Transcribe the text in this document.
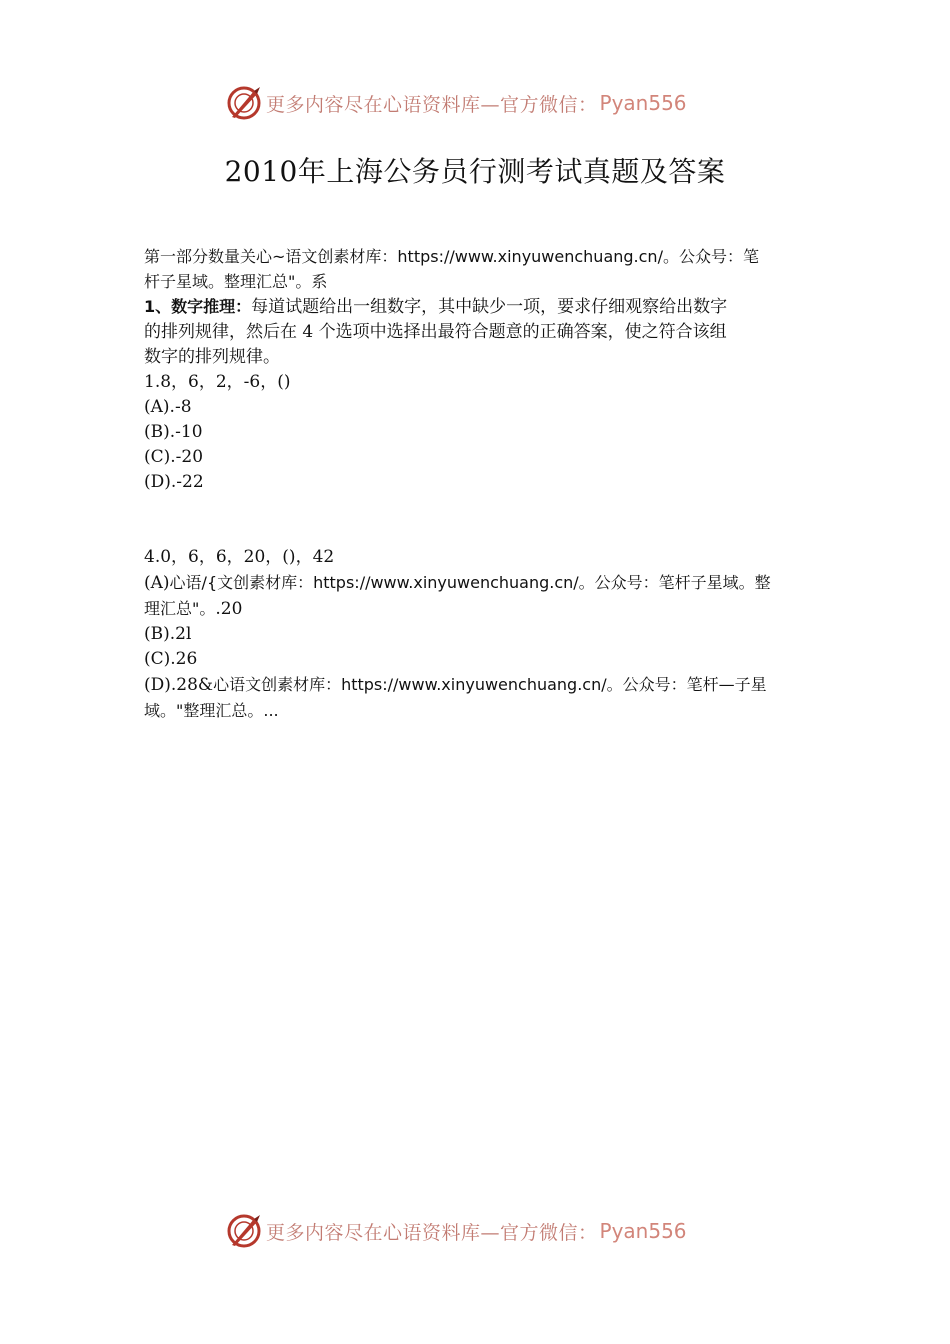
更多内容尽在心语资料库—官方微信： Pyan556
2010年上海公务员行测考试真题及答案

第一部分数量关心~语文创素材库：https://www.xinyuwenchuang.cn/。公众号：笔

杆子星域。整理汇总"。系

1、数字推理：每道试题给出一组数字，其中缺少一项，要求仔细观察给出数字

的排列规律，然后在 4 个选项中选择出最符合题意的正确答案，使之符合该组

数字的排列规律。

1.8，6，2，-6，()

(A).-8

(B).-10

(C).-20

(D).-22

4.0，6，6，20，()，42

(A)心语/{文创素材库：https://www.xinyuwenchuang.cn/。公众号：笔杆子星域。整

理汇总"。.20

(B).2l

(C).26

(D).28&心语文创素材库：https://www.xinyuwenchuang.cn/。公众号：笔杆—子星

域。"整理汇总。...

更多内容尽在心语资料库—官方微信： Pyan556
